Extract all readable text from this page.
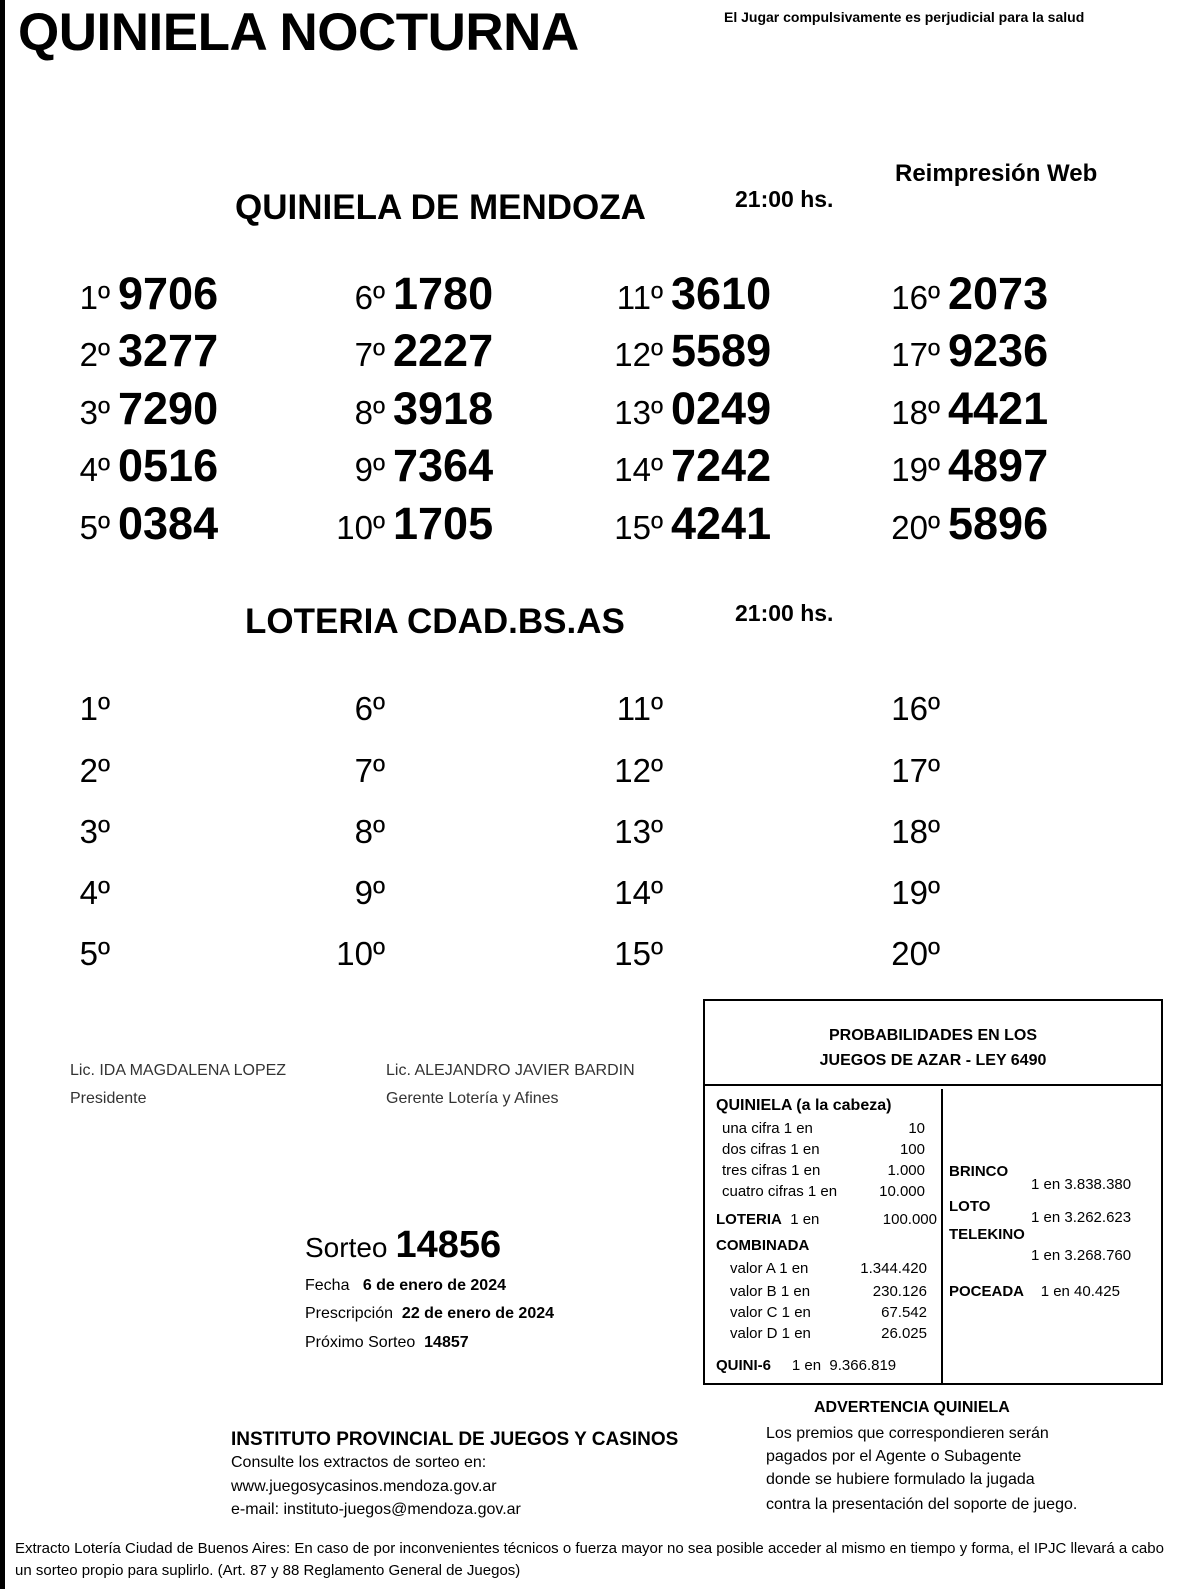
QUINIELA NOCTURNA	El Jugar compulsivamente es perjudicial para la salud
Reimpresión Web
QUINIELA DE MENDOZA	21:00 hs.
1º 9706
2º 3277
3º 7290
4º 0516
5º 0384
6º 1780
7º 2227
8º 3918
9º 7364
10º 1705
11º 3610
12º 5589
13º 0249
14º 7242
15º 4241
16º 2073
17º 9236
18º 4421
19º 4897
20º 5896
LOTERIA CDAD.BS.AS	21:00 hs.
1º
2º
3º
4º
5º
6º
7º
8º
9º
10º
11º
12º
13º
14º
15º
16º
17º
18º
19º
20º
Lic. IDA MAGDALENA LOPEZ
Presidente
Lic. ALEJANDRO JAVIER BARDIN
Gerente Lotería y Afines
Sorteo 14856
Fecha 6 de enero de 2024
Prescripción 22 de enero de 2024
Próximo Sorteo 14857
PROBABILIDADES EN LOS
JUEGOS DE AZAR - LEY 6490
QUINIELA (a la cabeza)
una cifra 1 en	10
dos cifras 1 en	100
tres cifras 1 en	1.000
cuatro cifras 1 en	10.000
LOTERIA 1 en	100.000
COMBINADA
valor A 1 en	1.344.420
valor B 1 en	230.126
valor C 1 en	67.542
valor D 1 en	26.025
QUINI-6 1 en 9.366.819
BRINCO
1 en 3.838.380
LOTO
1 en 3.262.623
TELEKINO
1 en 3.268.760
POCEADA 1 en 40.425
ADVERTENCIA QUINIELA
Los premios que correspondieren serán
pagados por el Agente o Subagente
donde se hubiere formulado la jugada
contra la presentación del soporte de juego.
INSTITUTO PROVINCIAL DE JUEGOS Y CASINOS
Consulte los extractos de sorteo en:
www.juegosycasinos.mendoza.gov.ar
e-mail: instituto-juegos@mendoza.gov.ar
Extracto Lotería Ciudad de Buenos Aires: En caso de por inconvenientes técnicos o fuerza mayor no sea posible acceder al mismo en tiempo y forma, el IPJC llevará a cabo un sorteo propio para suplirlo. (Art. 87 y 88 Reglamento General de Juegos)
